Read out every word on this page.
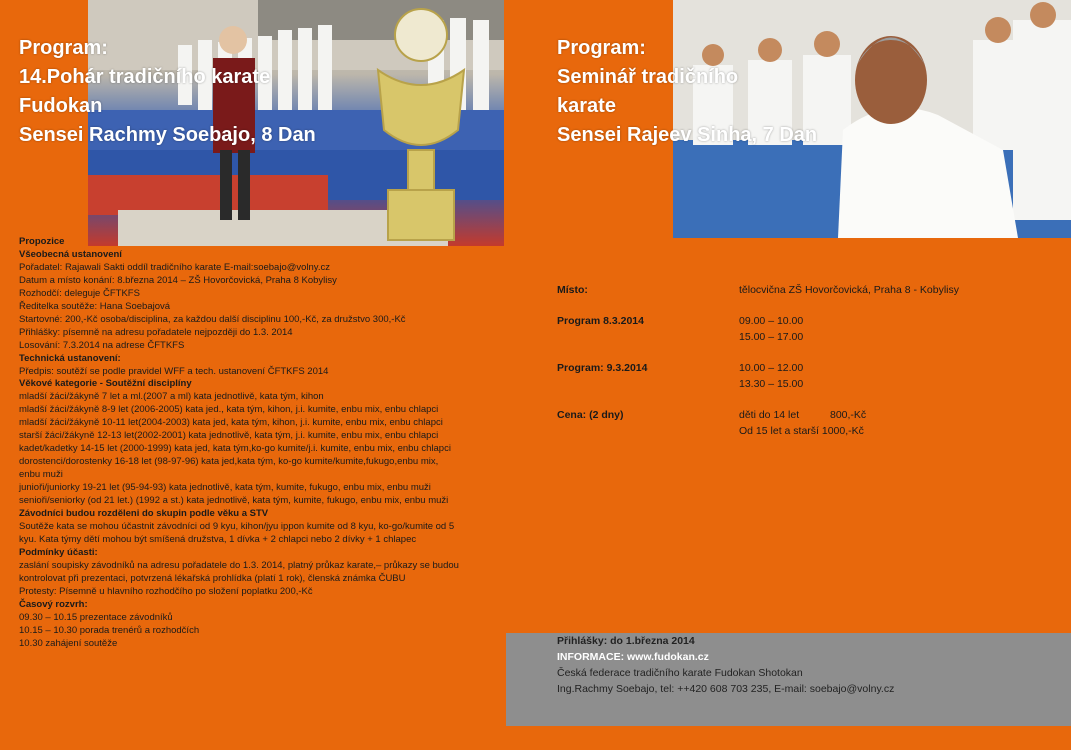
Program:
14.Pohár tradičního karate
Fudokan
Sensei Rachmy Soebajo, 8 Dan
Program:
Seminář tradičního
karate
Sensei Rajeev Sinha, 7 Dan
Propozice
Všeobecná ustanovení
Pořadatel: Rajawali Sakti oddíl tradičního karate E-mail:soebajo@volny.cz
Datum a místo konání: 8.března 2014 – ZŠ Hovorčovická, Praha 8 Kobylisy
Rozhodčí: deleguje ČFTKFS
Ředitelka soutěže: Hana Soebajová
Startovné: 200,-Kč osoba/disciplina, za každou další disciplinu 100,-Kč, za družstvo 300,-Kč
Přihlášky: písemně na adresu pořadatele nejpozději do 1.3. 2014
Losování: 7.3.2014 na adrese ČFTKFS
Technická ustanovení:
Předpis: soutěží se podle pravidel WFF a tech. ustanovení ČFTKFS 2014
Věkové kategorie - Soutěžní disciplíny
mladší žáci/žákyně 7 let a ml.(2007 a ml) kata jednotlivě, kata tým, kihon
mladší žáci/žákyně 8-9 let (2006-2005) kata jed., kata tým, kihon, j.i. kumite, enbu mix, enbu chlapci
mladší žáci/žákyně 10-11 let(2004-2003) kata jed, kata tým, kihon, j.i. kumite, enbu mix, enbu chlapci
starší žáci/žákyně 12-13 let(2002-2001) kata jednotlivě, kata tým, j.i. kumite, enbu mix, enbu chlapci
kadet/kadetky 14-15 let (2000-1999) kata jed, kata tým,ko-go kumite/j.i. kumite, enbu mix, enbu chlapci
dorostenci/dorostenky 16-18 let (98-97-96) kata jed,kata tým, ko-go kumite/kumite,fukugo,enbu mix,
enbu muži
junioři/juniorky 19-21 let (95-94-93) kata jednotlivě, kata tým, kumite, fukugo, enbu mix, enbu muži
senioři/seniorky (od 21 let.) (1992 a st.) kata jednotlivě, kata tým, kumite, fukugo, enbu mix, enbu muži
Závodníci budou rozděleni do skupin podle věku a STV
Soutěže kata se mohou účastnit závodníci od 9 kyu, kihon/jyu ippon kumite od 8 kyu, ko-go/kumite od 5
kyu. Kata týmy dětí mohou být smíšená družstva, 1 dívka + 2 chlapci nebo 2 dívky + 1 chlapec
Podmínky účasti:
zaslání soupisky závodníků na adresu pořadatele do 1.3. 2014, platný průkaz karate,– průkazy se budou
kontrolovat při prezentaci, potvrzená lékařská prohlídka (platí 1 rok), členská známka ČUBU
Protesty: Písemně u hlavního rozhodčího po složení poplatku 200,-Kč
Časový rozvrh:
09.30 – 10.15 prezentace závodníků
10.15 – 10.30 porada trenérů a rozhodčích
10.30 zahájení soutěže
Místo:	tělocvična ZŠ Hovorčovická, Praha 8 - Kobylisy
Program 8.3.2014	09.00 – 10.00
15.00 – 17.00
Program: 9.3.2014	10.00 – 12.00
13.30 – 15.00
Cena: (2 dny)	děti do 14 let	800,-Kč
Od 15 let a starší 1000,-Kč
Přihlášky: do 1.března 2014
INFORMACE: www.fudokan.cz
Česká federace tradičního karate Fudokan Shotokan
Ing.Rachmy Soebajo, tel: ++420 608 703 235, E-mail: soebajo@volny.cz
